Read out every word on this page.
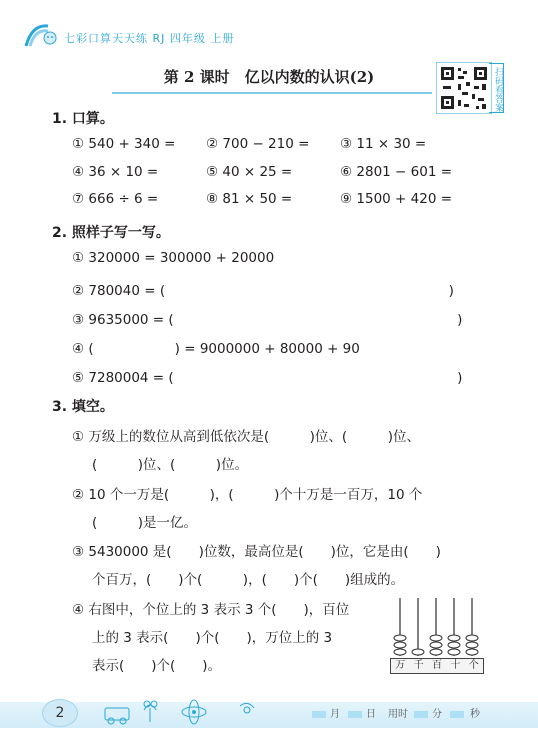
七彩口算天天练 RJ 四年级 上册
第 2 课时　亿以内数的认识(2)	扫码看答案
1. 口算。
① 540 + 340 = ② 700 − 210 = ③ 11 × 30 =
④ 36 × 10 =	⑤ 40 × 25 =	⑥ 2801 − 601 =
⑦ 666 ÷ 6 =	⑧ 81 × 50 =	⑨ 1500 + 420 =
2. 照样子写一写。
① 320000 = 300000 + 20000
② 780040 = (　　　　　　　　　　　　　　　　　　　　　)
③ 9635000 = (　　　　　　　　　　　　　　　　　　　　　)
④ (　　　　　　) = 9000000 + 80000 + 90
⑤ 7280004 = (　　　　　　　　　　　　　　　　　　　　　)
3. 填空。
① 万级上的数位从高到低依次是(　　　)位、(　　　)位、
(　　　)位、(　　　)位。
② 10 个一万是(　　　)，(　　　)个十万是一百万，10 个
(　　　)是一亿。
③ 5430000 是(　　)位数，最高位是(　　)位，它是由(　　)
个百万，(　　)个(　　　)，(　　)个(　　)组成的。
④ 右图中，个位上的 3 表示 3 个(　　)，百位
上的 3 表示(　　)个(　　)，万位上的 3
表示(　　)个(　　)。	万 千 百 十 个
2	月	日 用时 分	秒
